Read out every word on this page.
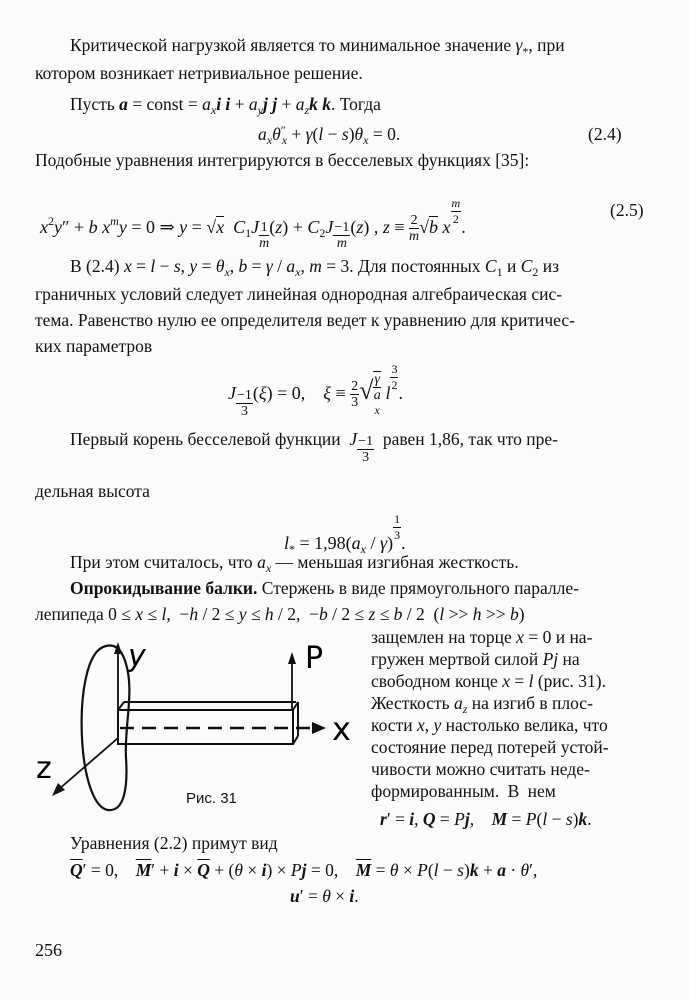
Критической нагрузкой является то минимальное значение $\gamma_*$, при
котором возникает нетривиальное решение.
Пусть a = const = $a_xi$ $i + a_yj$ $j + a_zk$ k. Тогда
$a_x\theta''_x + \gamma(l - s)\theta_x = 0$.	(2.4)
Подобные уравнения интегрируются в бесселевых функциях [35]:
$x^2y'' + b$ $x^my = 0$ ⇒ y = √x $C_1J \frac{1}{m} (z) + C_2J \frac{-1}{m} (z)$ , $z \equiv \frac{2}{m} √b$ x $\frac{m}{2}$ .
(2.5)
В (2.4) x = l − s, $y = \theta_x$, $b = \gamma / a_x$, m = 3. Для постоянных $C_1$ и $C_2$ из
граничных условий следует линейная однородная алгебраическая сис-
тема. Равенство нулю ее определителя ведет к уравнению для критичес-
ких параметров
J $\frac{-1}{3} (\xi) = 0$,    $\xi \equiv \frac{2}{3}$ √ γ
a
x l $\frac{3}{2}$ .
Первый корень бесселевой функции  J $\frac{-1}{3}$ равен 1,86, так что пре-
дельная высота
$l_* = 1,98(a_x / \gamma) \frac{1}{3}$ .
При этом считалось, что $a_x$ — меньшая изгибная жесткость.
Опрокидывание балки. Стержень в виде прямоугольного паралле-
лепипеда 0 ≤ x ≤ l,  −h / 2 ≤ y ≤ h / 2,  −b / 2 ≤ z ≤ b / 2  (l >> h >> b)
y	P
x
z
Рис. 31
защемлен на торце x = 0 и на-
гружен мертвой силой Pj на
свободном конце x = l (рис. 31).
Жесткость $a_z$ на изгиб в плос-
кости x, y настолько велика, что
состояние перед потерей устой-
чивости можно считать неде-
формированным. В нем
r′ = i, Q = Pj,    M = P(l − s)k.
Уравнения (2.2) примут вид
$\overline{Q}' = 0$,    $\overline{M}' + i \times \overline{Q} + (\theta \times i) \times Pj = 0$,    $\overline{M} = \theta \times P(l - s)k + a \cdot \theta'$,
u′ = θ × i.
256
